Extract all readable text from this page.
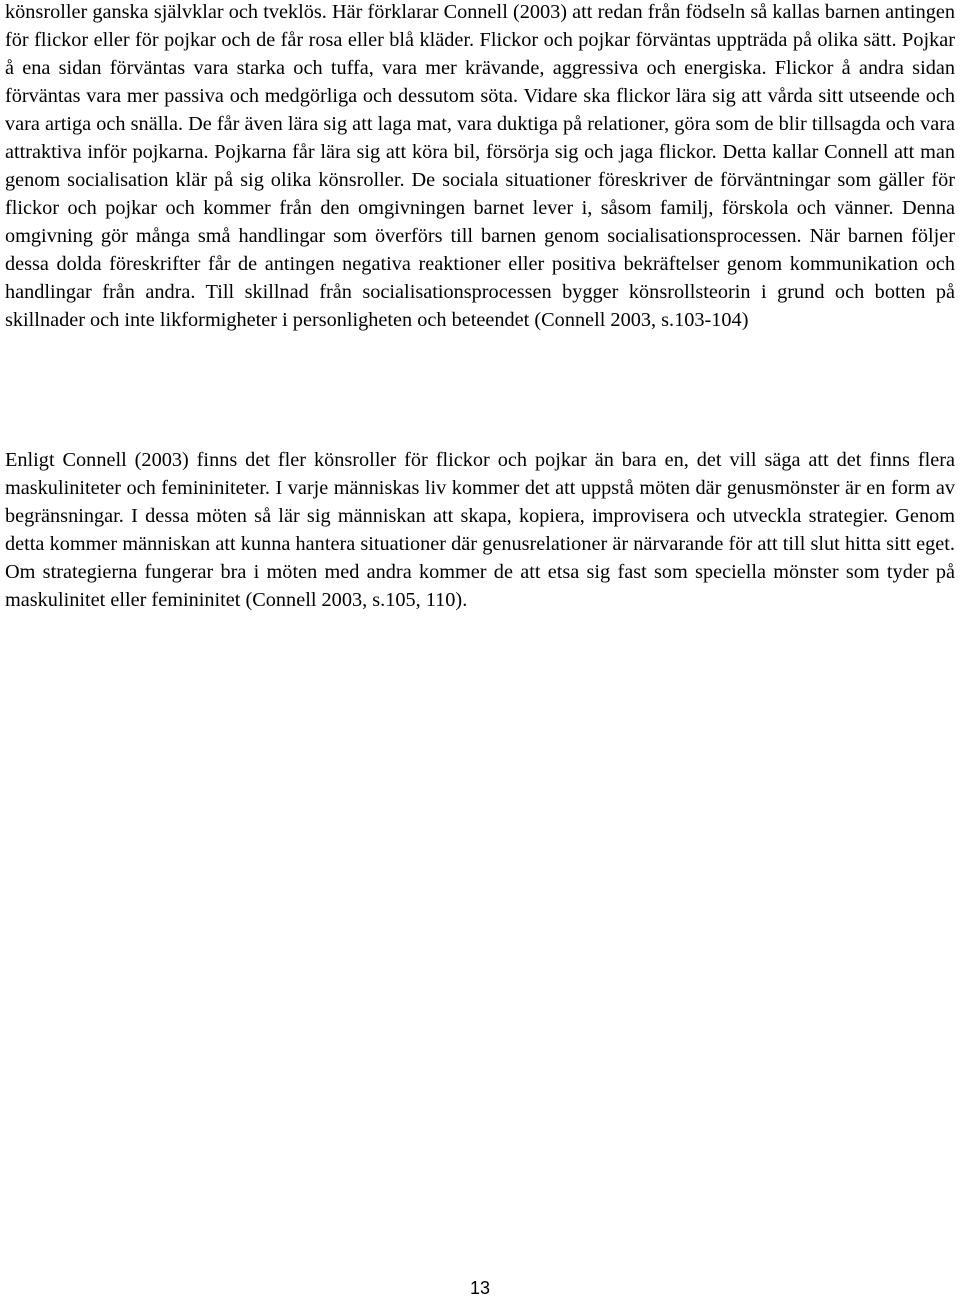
könsroller ganska självklar och tveklös. Här förklarar Connell (2003) att redan från födseln så kallas barnen antingen för flickor eller för pojkar och de får rosa eller blå kläder. Flickor och pojkar förväntas uppträda på olika sätt. Pojkar å ena sidan förväntas vara starka och tuffa, vara mer krävande, aggressiva och energiska. Flickor å andra sidan förväntas vara mer passiva och medgörliga och dessutom söta. Vidare ska flickor lära sig att vårda sitt utseende och vara artiga och snälla. De får även lära sig att laga mat, vara duktiga på relationer, göra som de blir tillsagda och vara attraktiva inför pojkarna. Pojkarna får lära sig att köra bil, försörja sig och jaga flickor. Detta kallar Connell att man genom socialisation klär på sig olika könsroller. De sociala situationer föreskriver de förväntningar som gäller för flickor och pojkar och kommer från den omgivningen barnet lever i, såsom familj, förskola och vänner. Denna omgivning gör många små handlingar som överförs till barnen genom socialisationsprocessen. När barnen följer dessa dolda föreskrifter får de antingen negativa reaktioner eller positiva bekräftelser genom kommunikation och handlingar från andra. Till skillnad från socialisationsprocessen bygger könsrollsteorin i grund och botten på skillnader och inte likformigheter i personligheten och beteendet (Connell 2003, s.103-104)

Enligt Connell (2003) finns det fler könsroller för flickor och pojkar än bara en, det vill säga att det finns flera maskuliniteter och femininiteter. I varje människas liv kommer det att uppstå möten där genusmönster är en form av begränsningar. I dessa möten så lär sig människan att skapa, kopiera, improvisera och utveckla strategier. Genom detta kommer människan att kunna hantera situationer där genusrelationer är närvarande för att till slut hitta sitt eget. Om strategierna fungerar bra i möten med andra kommer de att etsa sig fast som speciella mönster som tyder på maskulinitet eller femininitet (Connell 2003, s.105, 110).

13
